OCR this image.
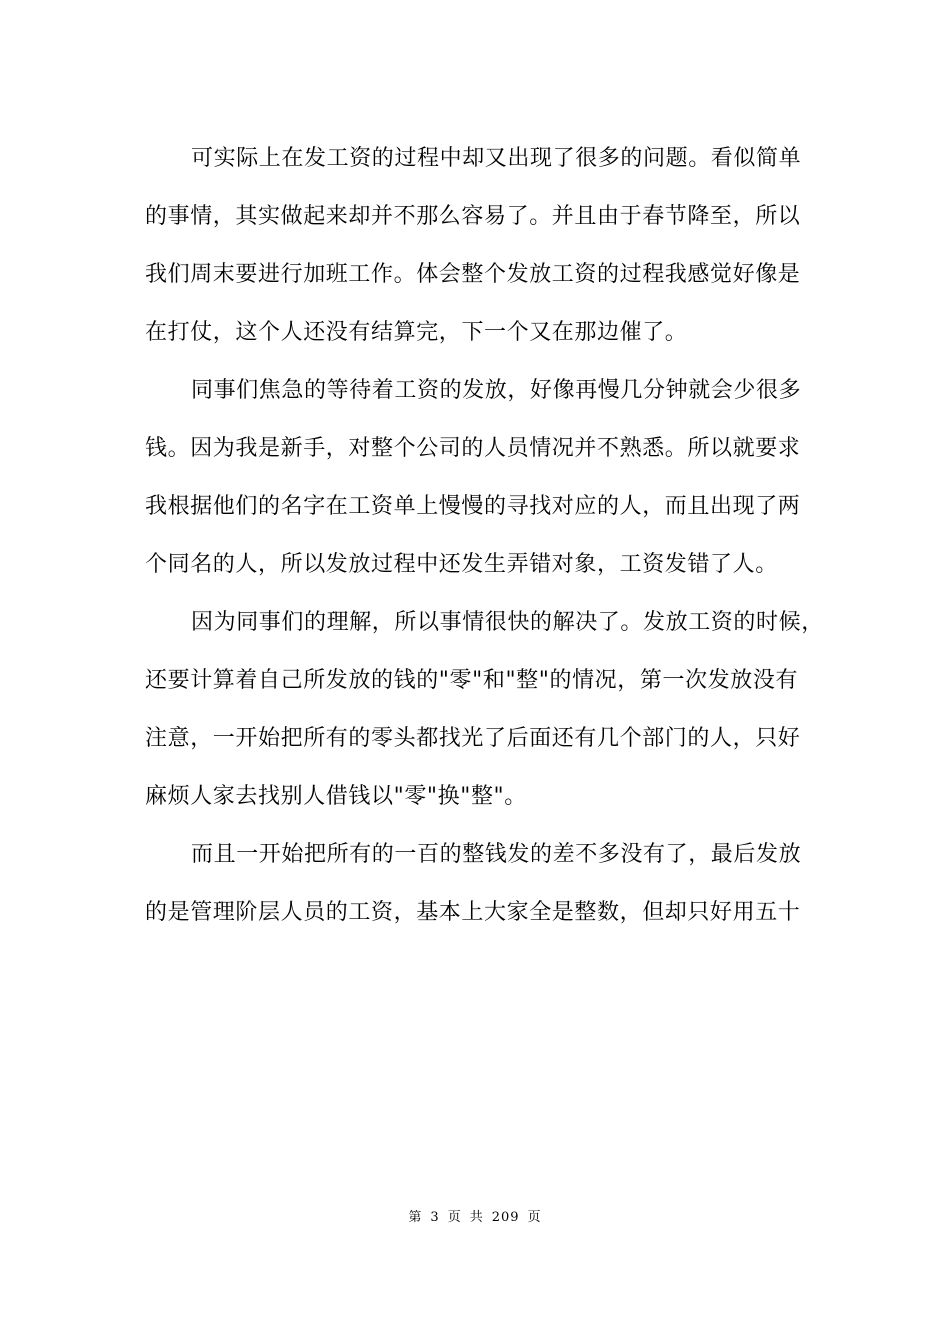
可实际上在发工资的过程中却又出现了很多的问题。看似简单
的事情，其实做起来却并不那么容易了。并且由于春节降至，所以
我们周末要进行加班工作。体会整个发放工资的过程我感觉好像是
在打仗，这个人还没有结算完，下一个又在那边催了。
同事们焦急的等待着工资的发放，好像再慢几分钟就会少很多
钱。因为我是新手，对整个公司的人员情况并不熟悉。所以就要求
我根据他们的名字在工资单上慢慢的寻找对应的人，而且出现了两
个同名的人，所以发放过程中还发生弄错对象，工资发错了人。
因为同事们的理解，所以事情很快的解决了。发放工资的时候，
还要计算着自己所发放的钱的"零"和"整"的情况，第一次发放没有
注意，一开始把所有的零头都找光了后面还有几个部门的人，只好
麻烦人家去找别人借钱以"零"换"整"。
而且一开始把所有的一百的整钱发的差不多没有了，最后发放
的是管理阶层人员的工资，基本上大家全是整数，但却只好用五十
第 3 页 共 209 页
